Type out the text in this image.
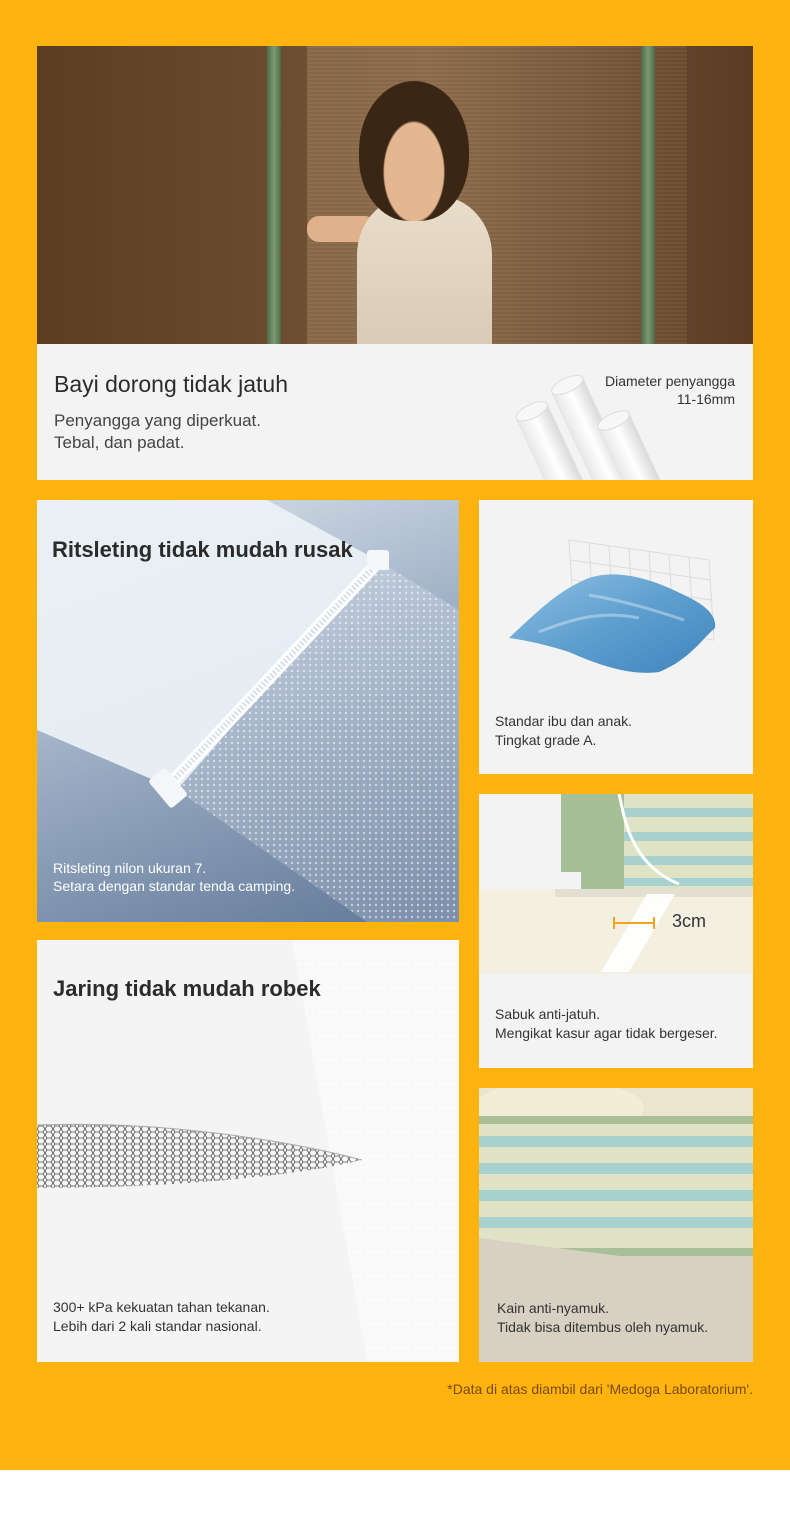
Bayi dorong tidak jatuh
Penyangga yang diperkuat.
Tebal, dan padat.
Diameter penyangga
11-16mm
Ritsleting tidak mudah rusak
Ritsleting nilon ukuran 7.
Setara dengan standar tenda camping.
Standar ibu dan anak.
Tingkat grade A.
3cm
Sabuk anti-jatuh.
Mengikat kasur agar tidak bergeser.
Jaring tidak mudah robek
300+ kPa kekuatan tahan tekanan.
Lebih dari 2 kali standar nasional.
Kain anti-nyamuk.
Tidak bisa ditembus oleh nyamuk.
*Data di atas diambil dari 'Medoga Laboratorium'.
